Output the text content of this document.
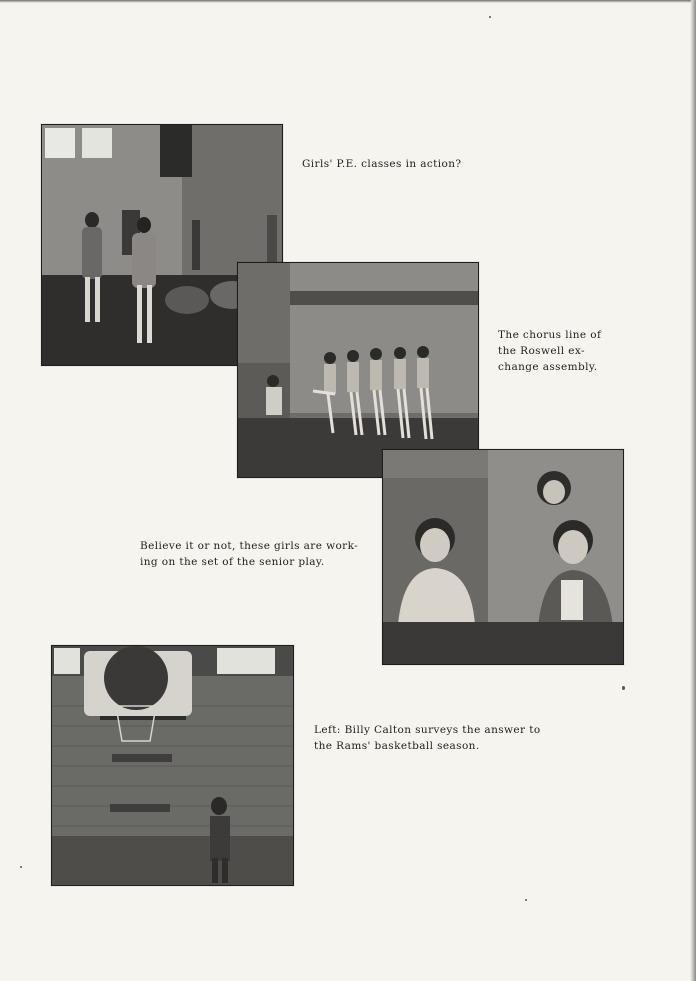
Girls' P.E. classes in action?
The chorus line of
the Roswell ex-
change assembly.
Believe it or not, these girls are work-
ing on the set of the senior play.
Left: Billy Calton surveys the answer to
the Rams' basketball season.
